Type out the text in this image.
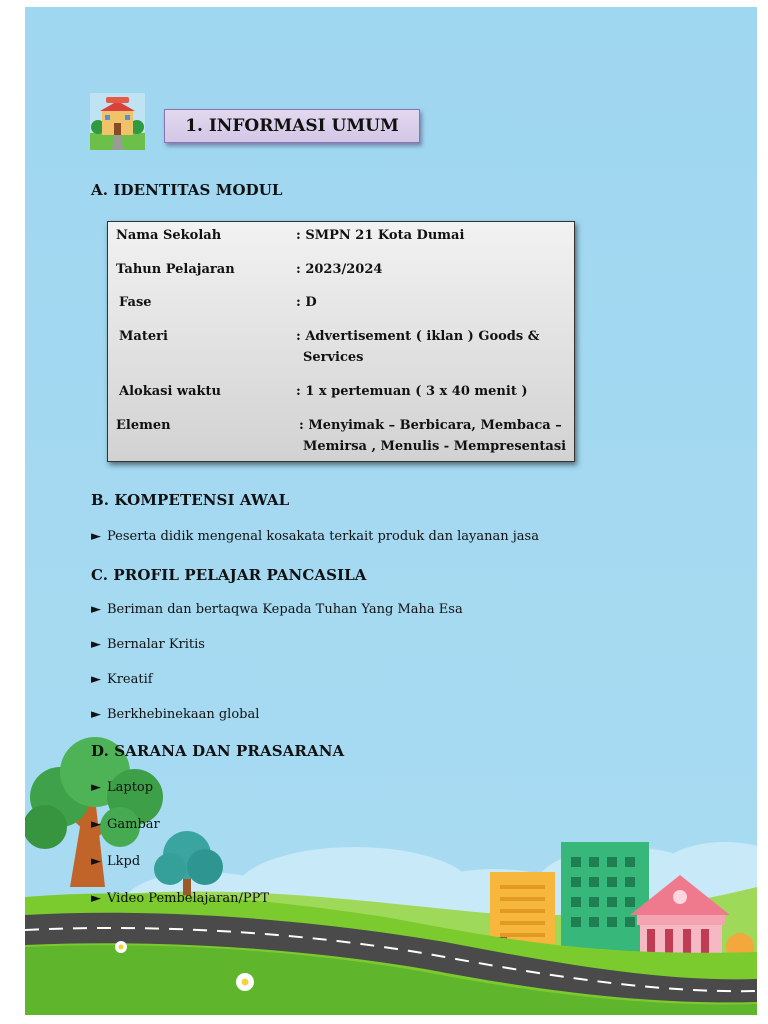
1. INFORMASI UMUM
A. IDENTITAS MODUL
Nama Sekolah	: SMPN 21 Kota Dumai
Tahun Pelajaran	: 2023/2024
Fase	: D
Materi	: Advertisement ( iklan ) Goods &
Services
Alokasi waktu	: 1 x pertemuan ( 3 x 40 menit )
Elemen	: Menyimak – Berbicara, Membaca –
Memirsa , Menulis - Mempresentasi
B. KOMPETENSI AWAL
► Peserta didik mengenal kosakata terkait produk dan layanan jasa
C. PROFIL PELAJAR PANCASILA
► Beriman dan bertaqwa Kepada Tuhan Yang Maha Esa
► Bernalar Kritis
► Kreatif
► Berkhebinekaan global
D. SARANA DAN PRASARANA
► Laptop
► Gambar
► Lkpd
► Video Pembelajaran/PPT
